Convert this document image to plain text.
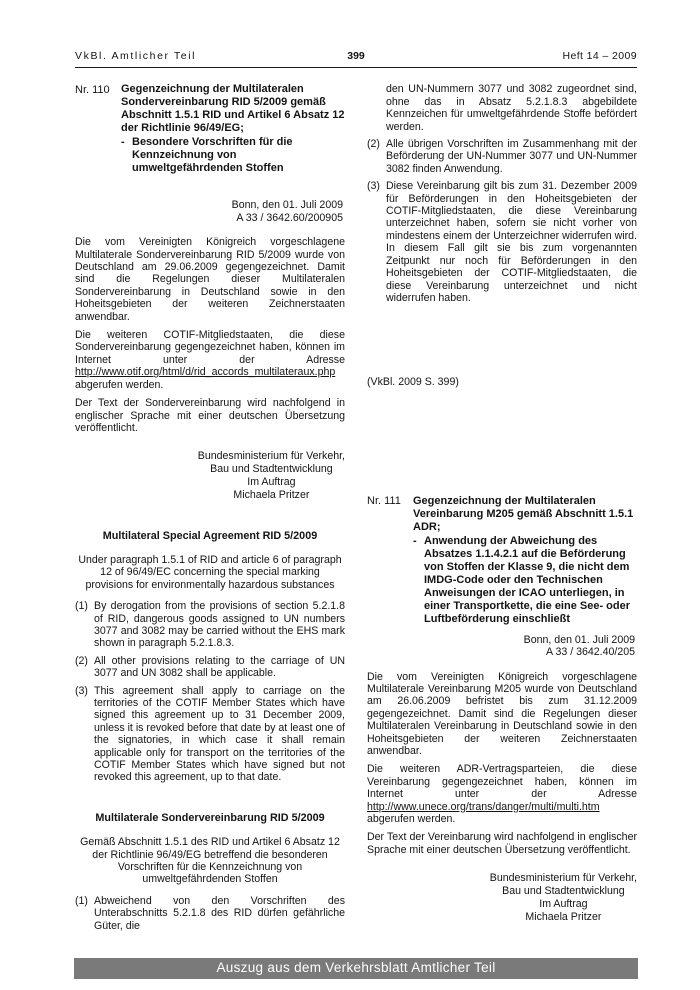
VkBl. Amtlicher Teil	399	Heft 14 – 2009
Nr. 110	Gegenzeichnung der Multilateralen Sondervereinbarung RID 5/2009 gemäß Abschnitt 1.5.1 RID und Artikel 6 Absatz 12 der Richtlinie 96/49/EG;
- Besondere Vorschriften für die Kennzeichnung von umweltgefährdenden Stoffen
Bonn, den 01. Juli 2009
A 33 / 3642.60/200905

Die vom Vereinigten Königreich vorgeschlagene Multilaterale Sondervereinbarung RID 5/2009 wurde von Deutschland am 29.06.2009 gegengezeichnet. Damit sind die Regelungen dieser Multilateralen Sondervereinbarung in Deutschland sowie in den Hoheitsgebieten der weiteren Zeichnerstaaten anwendbar.

Die weiteren COTIF-Mitgliedstaaten, die diese Sondervereinbarung gegengezeichnet haben, können im Internet unter der Adresse http://www.otif.org/html/d/rid_accords_multilateraux.php abgerufen werden.

Der Text der Sondervereinbarung wird nachfolgend in englischer Sprache mit einer deutschen Übersetzung veröffentlicht.

Bundesministerium für Verkehr,
Bau und Stadtentwicklung
Im Auftrag
Michaela Pritzer
Multilateral Special Agreement RID 5/2009
Under paragraph 1.5.1 of RID and article 6 of paragraph 12 of 96/49/EC concerning the special marking provisions for environmentally hazardous substances
(1) By derogation from the provisions of section 5.2.1.8 of RID, dangerous goods assigned to UN numbers 3077 and 3082 may be carried without the EHS mark shown in paragraph 5.2.1.8.3.
(2) All other provisions relating to the carriage of UN 3077 and UN 3082 shall be applicable.
(3) This agreement shall apply to carriage on the territories of the COTIF Member States which have signed this agreement up to 31 December 2009, unless it is revoked before that date by at least one of the signatories, in which case it shall remain applicable only for transport on the territories of the COTIF Member States which have signed but not revoked this agreement, up to that date.
Multilaterale Sondervereinbarung RID 5/2009
Gemäß Abschnitt 1.5.1 des RID und Artikel 6 Absatz 12 der Richtlinie 96/49/EG betreffend die besonderen Vorschriften für die Kennzeichnung von umweltgefährdenden Stoffen
(1) Abweichend von den Vorschriften des Unterabschnitts 5.2.1.8 des RID dürfen gefährliche Güter, die

den UN-Nummern 3077 und 3082 zugeordnet sind, ohne das in Absatz 5.2.1.8.3 abgebildete Kennzeichen für umweltgefährdende Stoffe befördert werden.

(2) Alle übrigen Vorschriften im Zusammenhang mit der Beförderung der UN-Nummer 3077 und UN-Nummer 3082 finden Anwendung.
(3) Diese Vereinbarung gilt bis zum 31. Dezember 2009 für Beförderungen in den Hoheitsgebieten der COTIF-Mitgliedstaaten, die diese Vereinbarung unterzeichnet haben, sofern sie nicht vorher von mindestens einem der Unterzeichner widerrufen wird. In diesem Fall gilt sie bis zum vorgenannten Zeitpunkt nur noch für Beförderungen in den Hoheitsgebieten der COTIF-Mitgliedstaaten, die diese Vereinbarung unterzeichnet und nicht widerrufen haben.
(VkBl. 2009 S. 399)
Nr. 111	Gegenzeichnung der Multilateralen Vereinbarung M205 gemäß Abschnitt 1.5.1 ADR;
- Anwendung der Abweichung des Absatzes 1.1.4.2.1 auf die Beförderung von Stoffen der Klasse 9, die nicht dem IMDG-Code oder den Technischen Anweisungen der ICAO unterliegen, in einer Transportkette, die eine See- oder Luftbeförderung einschließt
Bonn, den 01. Juli 2009
A 33 / 3642.40/205

Die vom Vereinigten Königreich vorgeschlagene Multilaterale Vereinbarung M205 wurde von Deutschland am 26.06.2009 befristet bis zum 31.12.2009 gegengezeichnet. Damit sind die Regelungen dieser Multilateralen Vereinbarung in Deutschland sowie in den Hoheitsgebieten der weiteren Zeichnerstaaten anwendbar.

Die weiteren ADR-Vertragsparteien, die diese Vereinbarung gegengezeichnet haben, können im Internet unter der Adresse http://www.unece.org/trans/danger/multi/multi.htm abgerufen werden.

Der Text der Vereinbarung wird nachfolgend in englischer Sprache mit einer deutschen Übersetzung veröffentlicht.

Bundesministerium für Verkehr,
Bau und Stadtentwicklung
Im Auftrag
Michaela Pritzer
Auszug aus dem Verkehrsblatt Amtlicher Teil
